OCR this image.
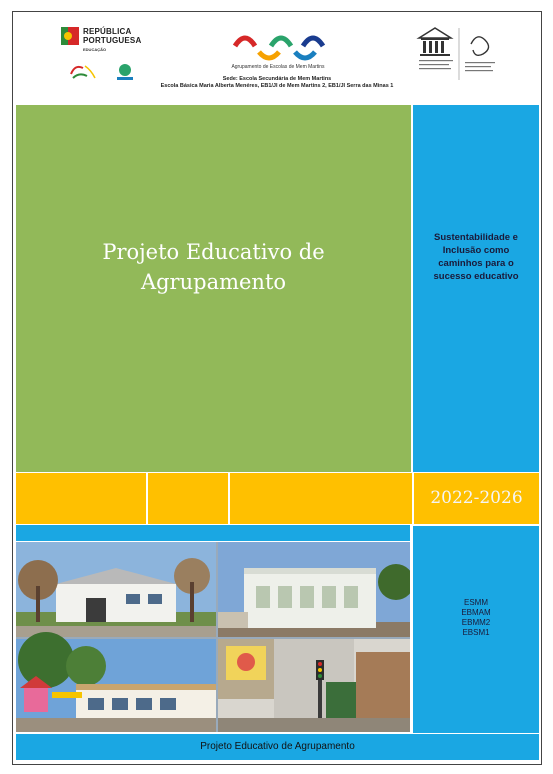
REPÚBLICA
PORTUGUESA
EDUCAÇÃO
Agrupamento de Escolas de Mem Martins
Sede: Escola Secundária de Mem Martins
Escola Básica Maria Alberta Menéres, EB1/JI de Mem Martins 2, EB1/JI Serra das Minas 1
Projeto Educativo de
Agrupamento
Sustentabilidade e
Inclusão como
caminhos para o
sucesso educativo
2022-2026
ESMM
EBMAM
EBMM2
EBSM1
Projeto Educativo de Agrupamento
